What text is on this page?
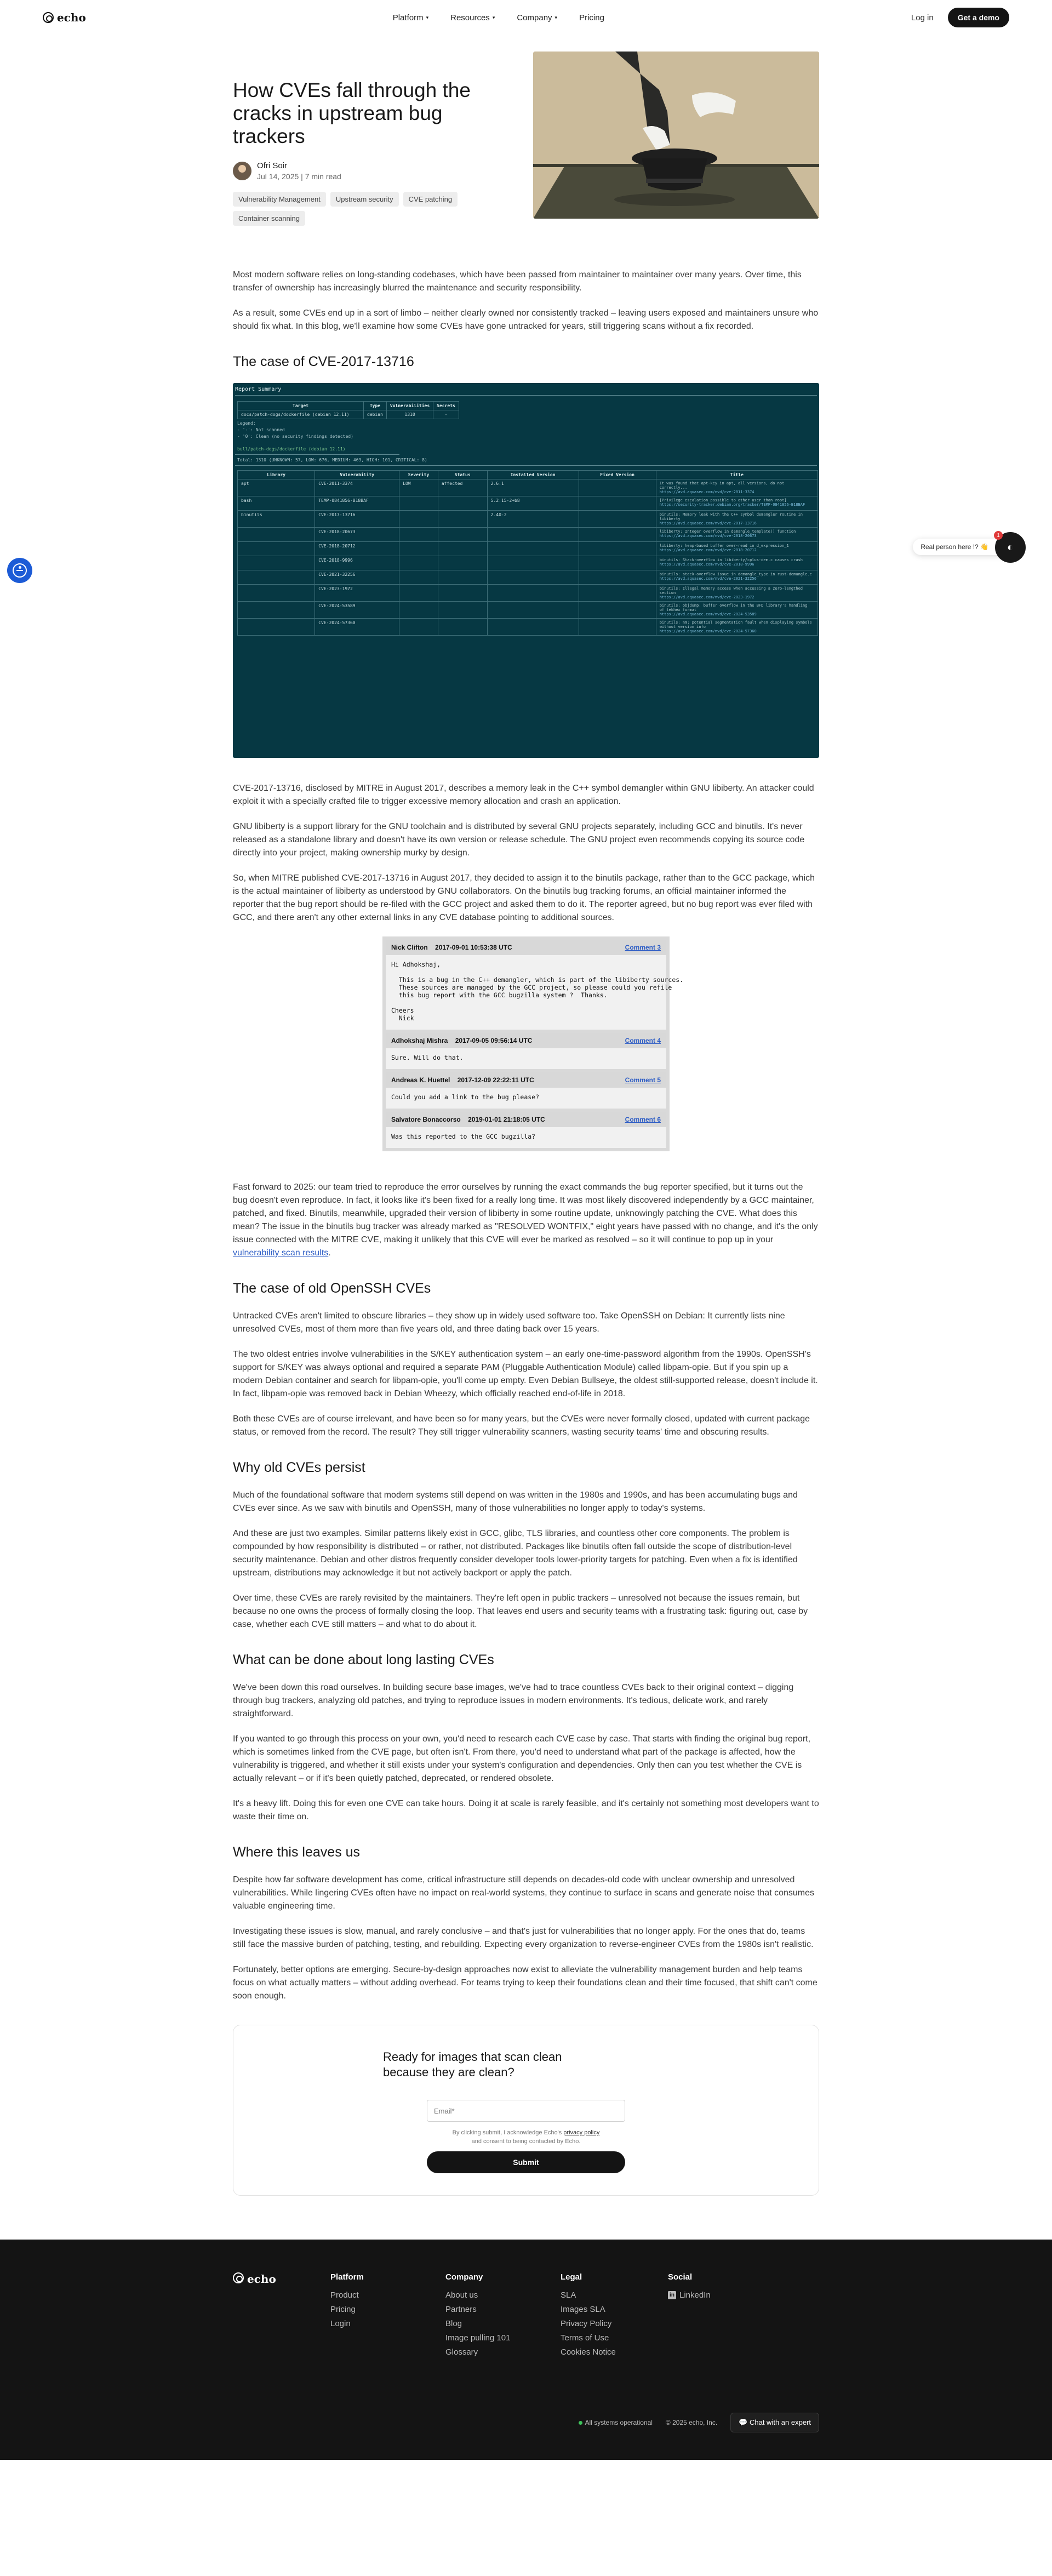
echo	Platform ▾	Resources ▾	Company ▾	Pricing	Log in	Get a demo
How CVEs fall through the cracks in upstream bug trackers
Ofri Soir
Jul 14, 2025 | 7 min read
Vulnerability Management	Upstream security	CVE patching
Container scanning

Most modern software relies on long-standing codebases, which have been passed from maintainer to maintainer over many years. Over time, this transfer of ownership has increasingly blurred the maintenance and security responsibility.

As a result, some CVEs end up in a sort of limbo – neither clearly owned nor consistently tracked – leaving users exposed and maintainers unsure who should fix what. In this blog, we'll examine how some CVEs have gone untracked for years, still triggering scans without a fix recorded.

The case of CVE-2017-13716
Report Summary
Target	Type	Vulnerabilities	Secrets
docs/patch-dogs/dockerfile (debian 12.11)	debian	1310	-
Legend:
- '-': Not scanned
- '0': Clean (no security findings detected)
bull/patch-dogs/dockerfile (debian 12.11)
Total: 1310 (UNKNOWN: 57, LOW: 676, MEDIUM: 463, HIGH: 101, CRITICAL: 8)
Library	Vulnerability	Severity	Status	Installed Version	Fixed Version	Title
apt	CVE-2011-3374	LOW	affected	2.6.1		It was found that apt-key in apt, all versions, do not correctly...
https://avd.aquasec.com/nvd/cve-2011-3374

bash	TEMP-0841856-B18BAF			5.2.15-2+b8		[Privilege escalation possible to other user than root]
https://security-tracker.debian.org/tracker/TEMP-0841856-B18BAF

binutils	CVE-2017-13716			2.40-2		binutils: Memory leak with the C++ symbol demangler routine in libiberty
https://avd.aquasec.com/nvd/cve-2017-13716

	CVE-2018-20673					libiberty: Integer overflow in demangle_template() function
https://avd.aquasec.com/nvd/cve-2018-20673

	CVE-2018-20712					libiberty: heap-based buffer over-read in d_expression_1
https://avd.aquasec.com/nvd/cve-2018-20712

	CVE-2018-9996					binutils: Stack-overflow in libiberty/cplus-dem.c causes crash
https://avd.aquasec.com/nvd/cve-2018-9996

	CVE-2021-32256					binutils: stack-overflow issue in demangle_type in rust-demangle.c
https://avd.aquasec.com/nvd/cve-2021-32256

	CVE-2023-1972					binutils: Illegal memory access when accessing a zero-lengthed section
https://avd.aquasec.com/nvd/cve-2023-1972

	CVE-2024-53589					binutils: objdump: buffer overflow in the BFD library's handling of tekhex format
https://avd.aquasec.com/nvd/cve-2024-53589

	CVE-2024-57360					binutils: nm: potential segmentation fault when displaying symbols without version info
https://avd.aquasec.com/nvd/cve-2024-57360

CVE-2017-13716, disclosed by MITRE in August 2017, describes a memory leak in the C++ symbol demangler within GNU libiberty. An attacker could exploit it with a specially crafted file to trigger excessive memory allocation and crash an application.

GNU libiberty is a support library for the GNU toolchain and is distributed by several GNU projects separately, including GCC and binutils. It's never released as a standalone library and doesn't have its own version or release schedule. The GNU project even recommends copying its source code directly into your project, making ownership murky by design.

So, when MITRE published CVE-2017-13716 in August 2017, they decided to assign it to the binutils package, rather than to the GCC package, which is the actual maintainer of libiberty as understood by GNU collaborators. On the binutils bug tracking forums, an official maintainer informed the reporter that the bug report should be re-filed with the GCC project and asked them to do it. The reporter agreed, but no bug report was ever filed with GCC, and there aren't any other external links in any CVE database pointing to additional sources.

Nick Clifton 2017-09-01 10:53:38 UTC	Comment 3
Hi Adhokshaj,

This is a bug in the C++ demangler, which is part of the libiberty sources.
These sources are managed by the GCC project, so please could you refile
this bug report with the GCC bugzilla system ?  Thanks.

Cheers
Nick
Adhokshaj Mishra 2017-09-05 09:56:14 UTC	Comment 4
Sure. Will do that.
Andreas K. Huettel 2017-12-09 22:22:11 UTC	Comment 5
Could you add a link to the bug please?
Salvatore Bonaccorso 2019-01-01 21:18:05 UTC	Comment 6
Was this reported to the GCC bugzilla?

Fast forward to 2025: our team tried to reproduce the error ourselves by running the exact commands the bug reporter specified, but it turns out the bug doesn't even reproduce. In fact, it looks like it's been fixed for a really long time. It was most likely discovered independently by a GCC maintainer, patched, and fixed. Binutils, meanwhile, upgraded their version of libiberty in some routine update, unknowingly patching the CVE. What does this mean? The issue in the binutils bug tracker was already marked as "RESOLVED WONTFIX," eight years have passed with no change, and it's the only issue connected with the MITRE CVE, making it unlikely that this CVE will ever be marked as resolved – so it will continue to pop up in your vulnerability scan results.

The case of old OpenSSH CVEs

Untracked CVEs aren't limited to obscure libraries – they show up in widely used software too. Take OpenSSH on Debian: It currently lists nine unresolved CVEs, most of them more than five years old, and three dating back over 15 years.

The two oldest entries involve vulnerabilities in the S/KEY authentication system – an early one-time-password algorithm from the 1990s. OpenSSH's support for S/KEY was always optional and required a separate PAM (Pluggable Authentication Module) called libpam-opie. But if you spin up a modern Debian container and search for libpam-opie, you'll come up empty. Even Debian Bullseye, the oldest still-supported release, doesn't include it. In fact, libpam-opie was removed back in Debian Wheezy, which officially reached end-of-life in 2018.

Both these CVEs are of course irrelevant, and have been so for many years, but the CVEs were never formally closed, updated with current package status, or removed from the record. The result? They still trigger vulnerability scanners, wasting security teams' time and obscuring results.

Why old CVEs persist

Much of the foundational software that modern systems still depend on was written in the 1980s and 1990s, and has been accumulating bugs and CVEs ever since. As we saw with binutils and OpenSSH, many of those vulnerabilities no longer apply to today's systems.

And these are just two examples. Similar patterns likely exist in GCC, glibc, TLS libraries, and countless other core components. The problem is compounded by how responsibility is distributed – or rather, not distributed. Packages like binutils often fall outside the scope of distribution-level security maintenance. Debian and other distros frequently consider developer tools lower-priority targets for patching. Even when a fix is identified upstream, distributions may acknowledge it but not actively backport or apply the patch.

Over time, these CVEs are rarely revisited by the maintainers. They're left open in public trackers – unresolved not because the issues remain, but because no one owns the process of formally closing the loop. That leaves end users and security teams with a frustrating task: figuring out, case by case, whether each CVE still matters – and what to do about it.

What can be done about long lasting CVEs

We've been down this road ourselves. In building secure base images, we've had to trace countless CVEs back to their original context – digging through bug trackers, analyzing old patches, and trying to reproduce issues in modern environments. It's tedious, delicate work, and rarely straightforward.

If you wanted to go through this process on your own, you'd need to research each CVE case by case. That starts with finding the original bug report, which is sometimes linked from the CVE page, but often isn't. From there, you'd need to understand what part of the package is affected, how the vulnerability is triggered, and whether it still exists under your system's configuration and dependencies. Only then can you test whether the CVE is actually relevant – or if it's been quietly patched, deprecated, or rendered obsolete.

It's a heavy lift. Doing this for even one CVE can take hours. Doing it at scale is rarely feasible, and it's certainly not something most developers want to waste their time on.

Where this leaves us

Despite how far software development has come, critical infrastructure still depends on decades-old code with unclear ownership and unresolved vulnerabilities. While lingering CVEs often have no impact on real-world systems, they continue to surface in scans and generate noise that consumes valuable engineering time.

Investigating these issues is slow, manual, and rarely conclusive – and that's just for vulnerabilities that no longer apply. For the ones that do, teams still face the massive burden of patching, testing, and rebuilding. Expecting every organization to reverse-engineer CVEs from the 1980s isn't realistic.

Fortunately, better options are emerging. Secure-by-design approaches now exist to alleviate the vulnerability management burden and help teams focus on what actually matters – without adding overhead. For teams trying to keep their foundations clean and their time focused, that shift can't come soon enough.

Ready for images that scan clean because they are clean?
Email*
By clicking submit, I acknowledge Echo's privacy policy
and consent to being contacted by Echo.
Submit
echo	Platform
Product
Pricing
Login
Company
About us
Partners
Blog
Image pulling 101
Glossary
Legal
SLA
Images SLA
Privacy Policy
Terms of Use
Cookies Notice
Social
in LinkedIn
All systems operational © 2025 echo, Inc.	💬 Chat with an expert
Real person here !? 👋	◐
1
